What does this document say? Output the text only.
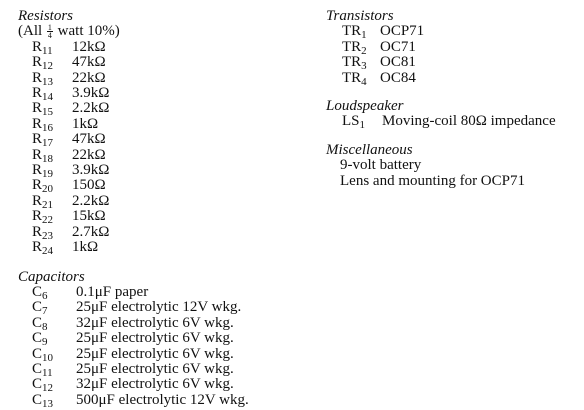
Resistors

($All \frac{1}{4}$ watt 10%)

$R_{11}$	12kΩ
$R_{12}$	47kΩ
$R_{13}$	22kΩ
$R_{14}$	3.9kΩ
$R_{15}$	2.2kΩ
$R_{16}$	1kΩ
$R_{17}$	47kΩ
$R_{18}$	22kΩ
$R_{19}$	3.9kΩ
$R_{20}$	150Ω
$R_{21}$	2.2kΩ
$R_{22}$	15kΩ
$R_{23}$	2.7kΩ
$R_{24}$	1kΩ
Capacitors
$C_6$	0.1μF paper
$C_7$	25μF electrolytic 12V wkg.
$C_8$	32μF electrolytic 6V wkg.
$C_9$	25μF electrolytic 6V wkg.
$C_{10}$	25μF electrolytic 6V wkg.
$C_{11}$	25μF electrolytic 6V wkg.
$C_{12}$	32μF electrolytic 6V wkg.
$C_{13}$	500μF electrolytic 12V wkg.
Transistors
$TR_1$ OCP71
$TR_2$ OC71
$TR_3$ OC81
$TR_4$ OC84
Loudspeaker
$LS_1$	Moving-coil 80Ω impedance
Miscellaneous
9-volt battery
Lens and mounting for OCP71
